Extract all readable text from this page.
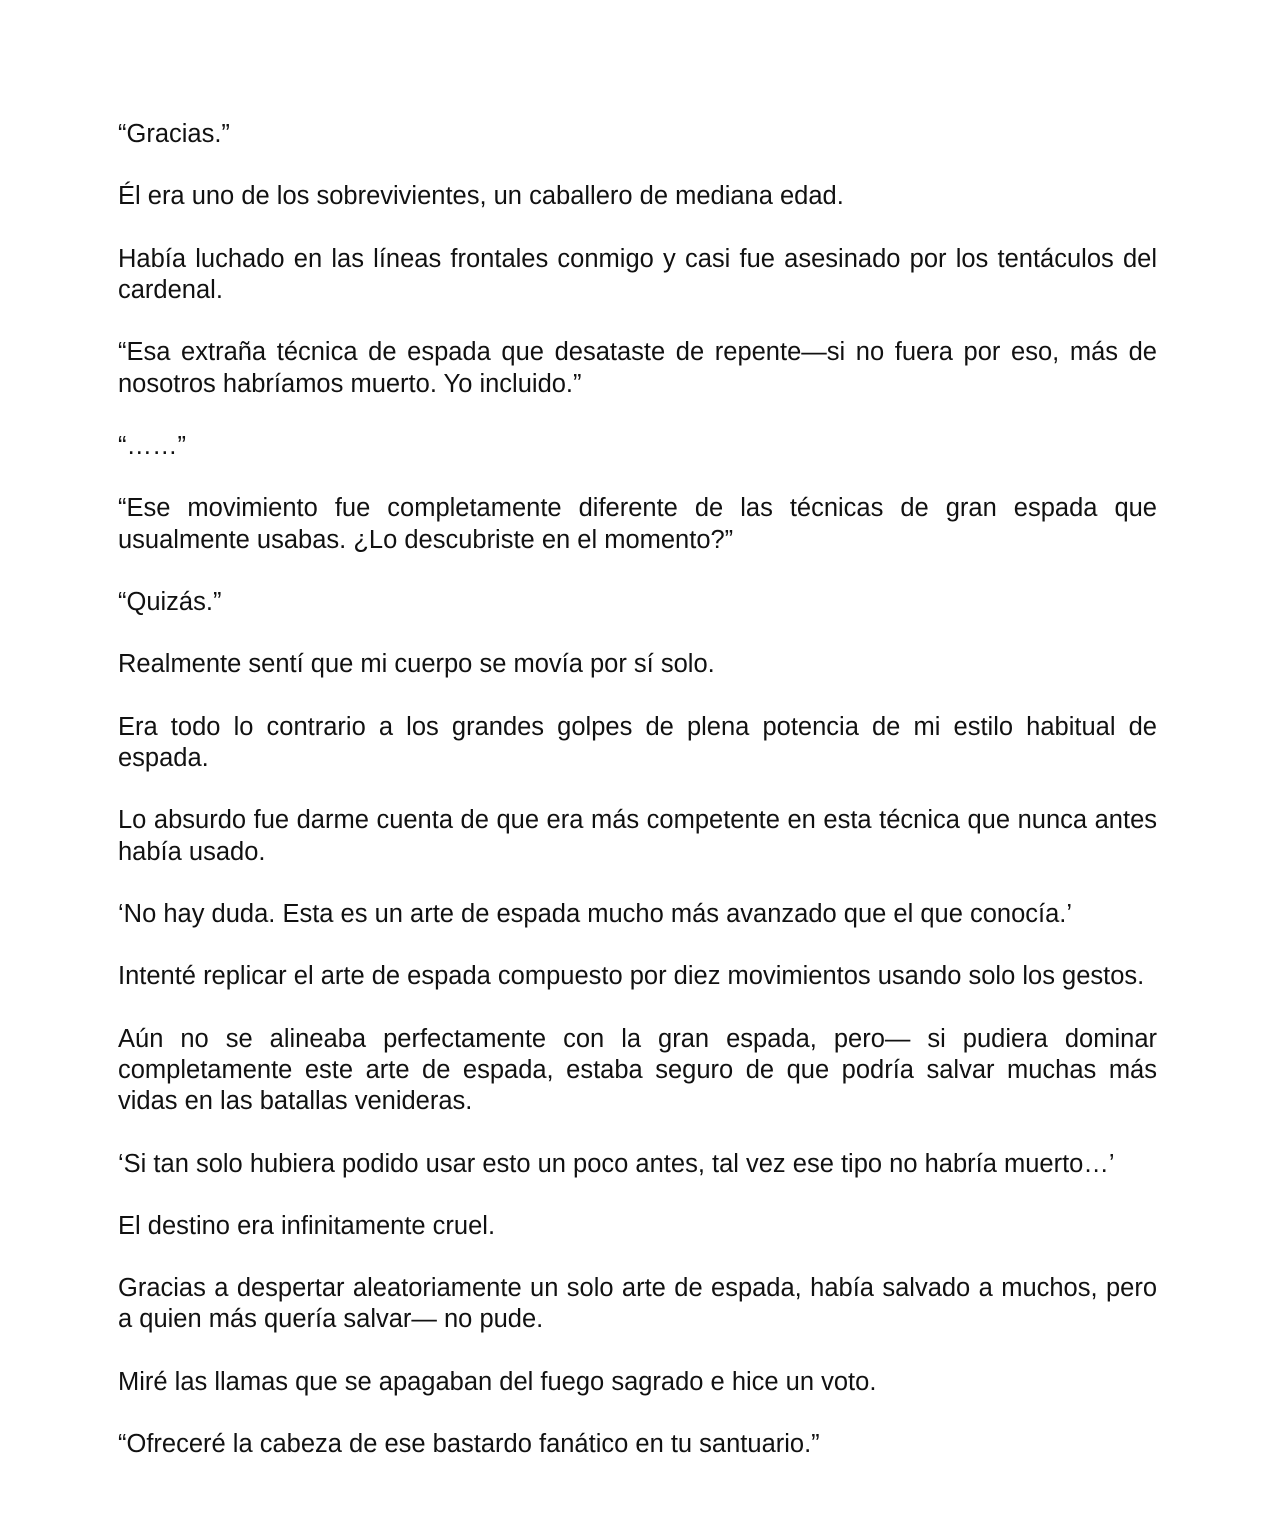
“Gracias.”

Él era uno de los sobrevivientes, un caballero de mediana edad.

Había luchado en las líneas frontales conmigo y casi fue asesinado por los tentáculos del cardenal.

“Esa extraña técnica de espada que desataste de repente—si no fuera por eso, más de nosotros habríamos muerto. Yo incluido.”

“……”

“Ese movimiento fue completamente diferente de las técnicas de gran espada que usualmente usabas. ¿Lo descubriste en el momento?”

“Quizás.”

Realmente sentí que mi cuerpo se movía por sí solo.

Era todo lo contrario a los grandes golpes de plena potencia de mi estilo habitual de espada.

Lo absurdo fue darme cuenta de que era más competente en esta técnica que nunca antes había usado.

‘No hay duda. Esta es un arte de espada mucho más avanzado que el que conocía.’

Intenté replicar el arte de espada compuesto por diez movimientos usando solo los gestos.

Aún no se alineaba perfectamente con la gran espada, pero— si pudiera dominar completamente este arte de espada, estaba seguro de que podría salvar muchas más vidas en las batallas venideras.

‘Si tan solo hubiera podido usar esto un poco antes, tal vez ese tipo no habría muerto…’

El destino era infinitamente cruel.

Gracias a despertar aleatoriamente un solo arte de espada, había salvado a muchos, pero a quien más quería salvar— no pude.

Miré las llamas que se apagaban del fuego sagrado e hice un voto.

“Ofreceré la cabeza de ese bastardo fanático en tu santuario.”
